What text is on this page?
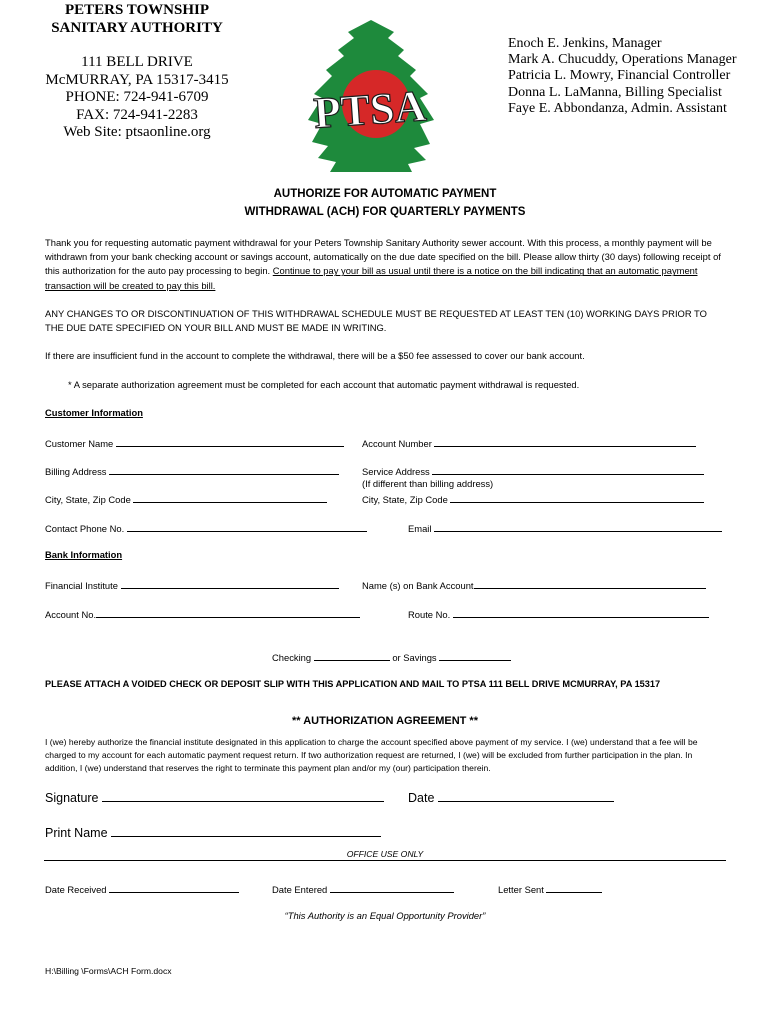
PETERS TOWNSHIP
SANITARY AUTHORITY
111 BELL DRIVE
McMURRAY, PA 15317-3415
PHONE: 724-941-6709
FAX: 724-941-2283
Web Site: ptsaonline.org	PTSA
Enoch E. Jenkins, Manager
Mark A. Chucuddy, Operations Manager
Patricia L. Mowry, Financial Controller
Donna L. LaManna, Billing Specialist
Faye E. Abbondanza, Admin. Assistant
AUTHORIZE FOR AUTOMATIC PAYMENT
WITHDRAWAL (ACH) FOR QUARTERLY PAYMENTS
Thank you for requesting automatic payment withdrawal for your Peters Township Sanitary Authority sewer account. With this process, a monthly payment will be withdrawn from your bank checking account or savings account, automatically on the due date specified on the bill. Please allow thirty (30 days) following receipt of this authorization for the auto pay processing to begin. Continue to pay your bill as usual until there is a notice on the bill indicating that an automatic payment transaction will be created to pay this bill.
ANY CHANGES TO OR DISCONTINUATION OF THIS WITHDRAWAL SCHEDULE MUST BE REQUESTED AT LEAST TEN (10) WORKING DAYS PRIOR TO THE DUE DATE SPECIFIED ON YOUR BILL AND MUST BE MADE IN WRITING.
If there are insufficient fund in the account to complete the withdrawal, there will be a $50 fee assessed to cover our bank account.
* A separate authorization agreement must be completed for each account that automatic payment withdrawal is requested.
Customer Information
Customer Name	Account Number
Billing Address	Service Address
(If different than billing address)
City, State, Zip Code	City, State, Zip Code
Contact Phone No.	Email
Bank Information
Financial Institute	Name (s) on Bank Account
Account No.	Route No.
Checking	or Savings
PLEASE ATTACH A VOIDED CHECK OR DEPOSIT SLIP WITH THIS APPLICATION AND MAIL TO PTSA 111 BELL DRIVE MCMURRAY, PA 15317
** AUTHORIZATION AGREEMENT **
I (we) hereby authorize the financial institute designated in this application to charge the account specified above payment of my service. I (we) understand that a fee will be charged to my account for each automatic payment request return. If two authorization request are returned, I (we) will be excluded from further participation in the plan. In addition, I (we) understand that reserves the right to terminate this payment plan and/or my (our) participation therein.
Signature	Date
Print Name
OFFICE USE ONLY
Date Received	Date Entered	Letter Sent
“This Authority is an Equal Opportunity Provider”
H:\Billing \Forms\ACH Form.docx
